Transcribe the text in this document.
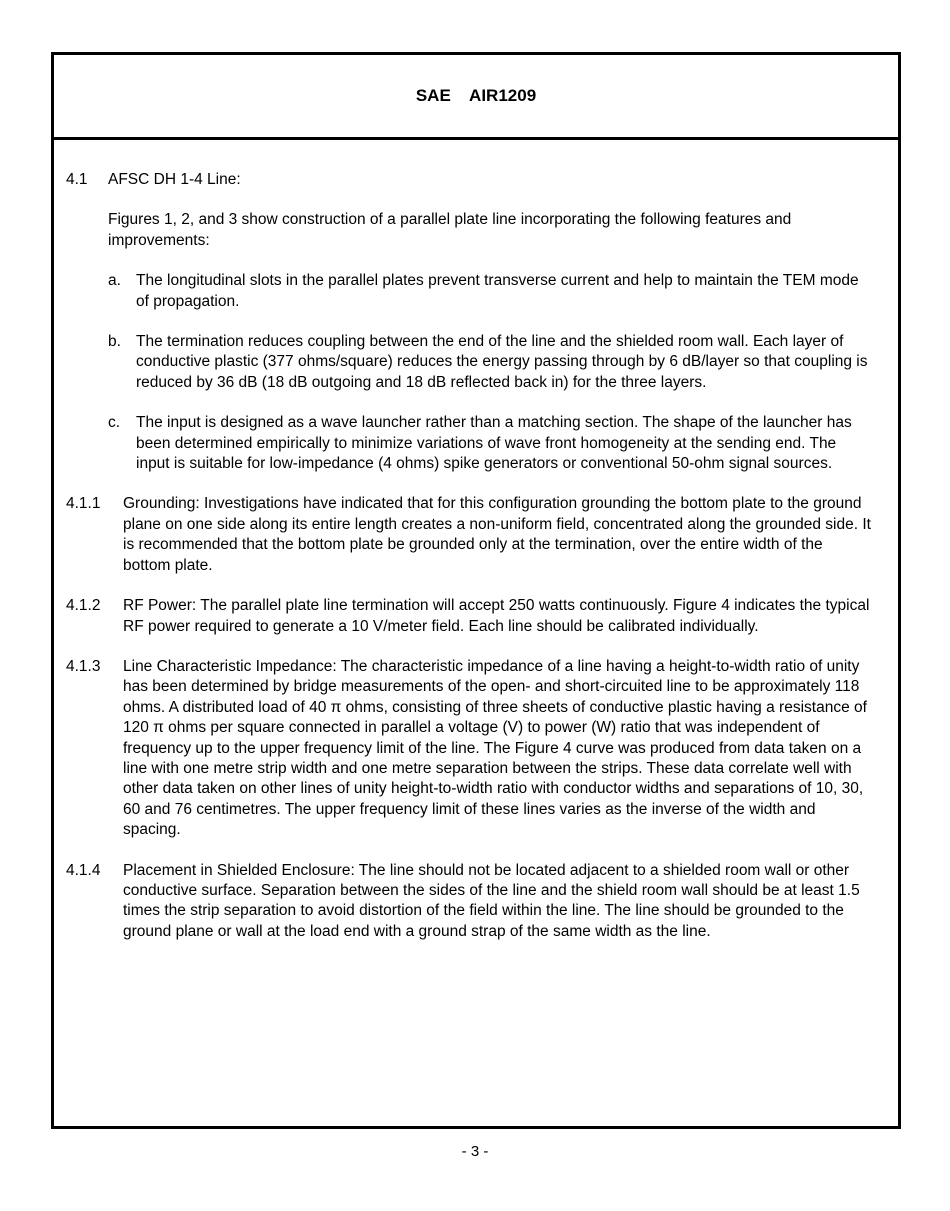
SAE    AIR1209
4.1	AFSC DH 1-4 Line:
Figures 1, 2, and 3 show construction of a parallel plate line incorporating the following features and improvements:
a. The longitudinal slots in the parallel plates prevent transverse current and help to maintain the TEM mode of propagation.
b. The termination reduces coupling between the end of the line and the shielded room wall. Each layer of conductive plastic (377 ohms/square) reduces the energy passing through by 6 dB/layer so that coupling is reduced by 36 dB (18 dB outgoing and 18 dB reflected back in) for the three layers.
c.	The input is designed as a wave launcher rather than a matching section. The shape of the launcher has been determined empirically to minimize variations of wave front homogeneity at the sending end. The input is suitable for low-impedance (4 ohms) spike generators or conventional 50-ohm signal sources.
4.1.1	Grounding: Investigations have indicated that for this configuration grounding the bottom plate to the ground plane on one side along its entire length creates a non-uniform field, concentrated along the grounded side. It is recommended that the bottom plate be grounded only at the termination, over the entire width of the bottom plate.
4.1.2	RF Power: The parallel plate line termination will accept 250 watts continuously. Figure 4 indicates the typical RF power required to generate a 10 V/meter field. Each line should be calibrated individually.
4.1.3	Line Characteristic Impedance: The characteristic impedance of a line having a height-to-width ratio of unity has been determined by bridge measurements of the open- and short-circuited line to be approximately 118 ohms. A distributed load of 40 π ohms, consisting of three sheets of conductive plastic having a resistance of 120 π ohms per square connected in parallel a voltage (V) to power (W) ratio that was independent of frequency up to the upper frequency limit of the line. The Figure 4 curve was produced from data taken on a line with one metre strip width and one metre separation between the strips. These data correlate well with other data taken on other lines of unity height-to-width ratio with conductor widths and separations of 10, 30, 60 and 76 centimetres. The upper frequency limit of these lines varies as the inverse of the width and spacing.
4.1.4	Placement in Shielded Enclosure: The line should not be located adjacent to a shielded room wall or other conductive surface. Separation between the sides of the line and the shield room wall should be at least 1.5 times the strip separation to avoid distortion of the field within the line. The line should be grounded to the ground plane or wall at the load end with a ground strap of the same width as the line.
- 3 -
